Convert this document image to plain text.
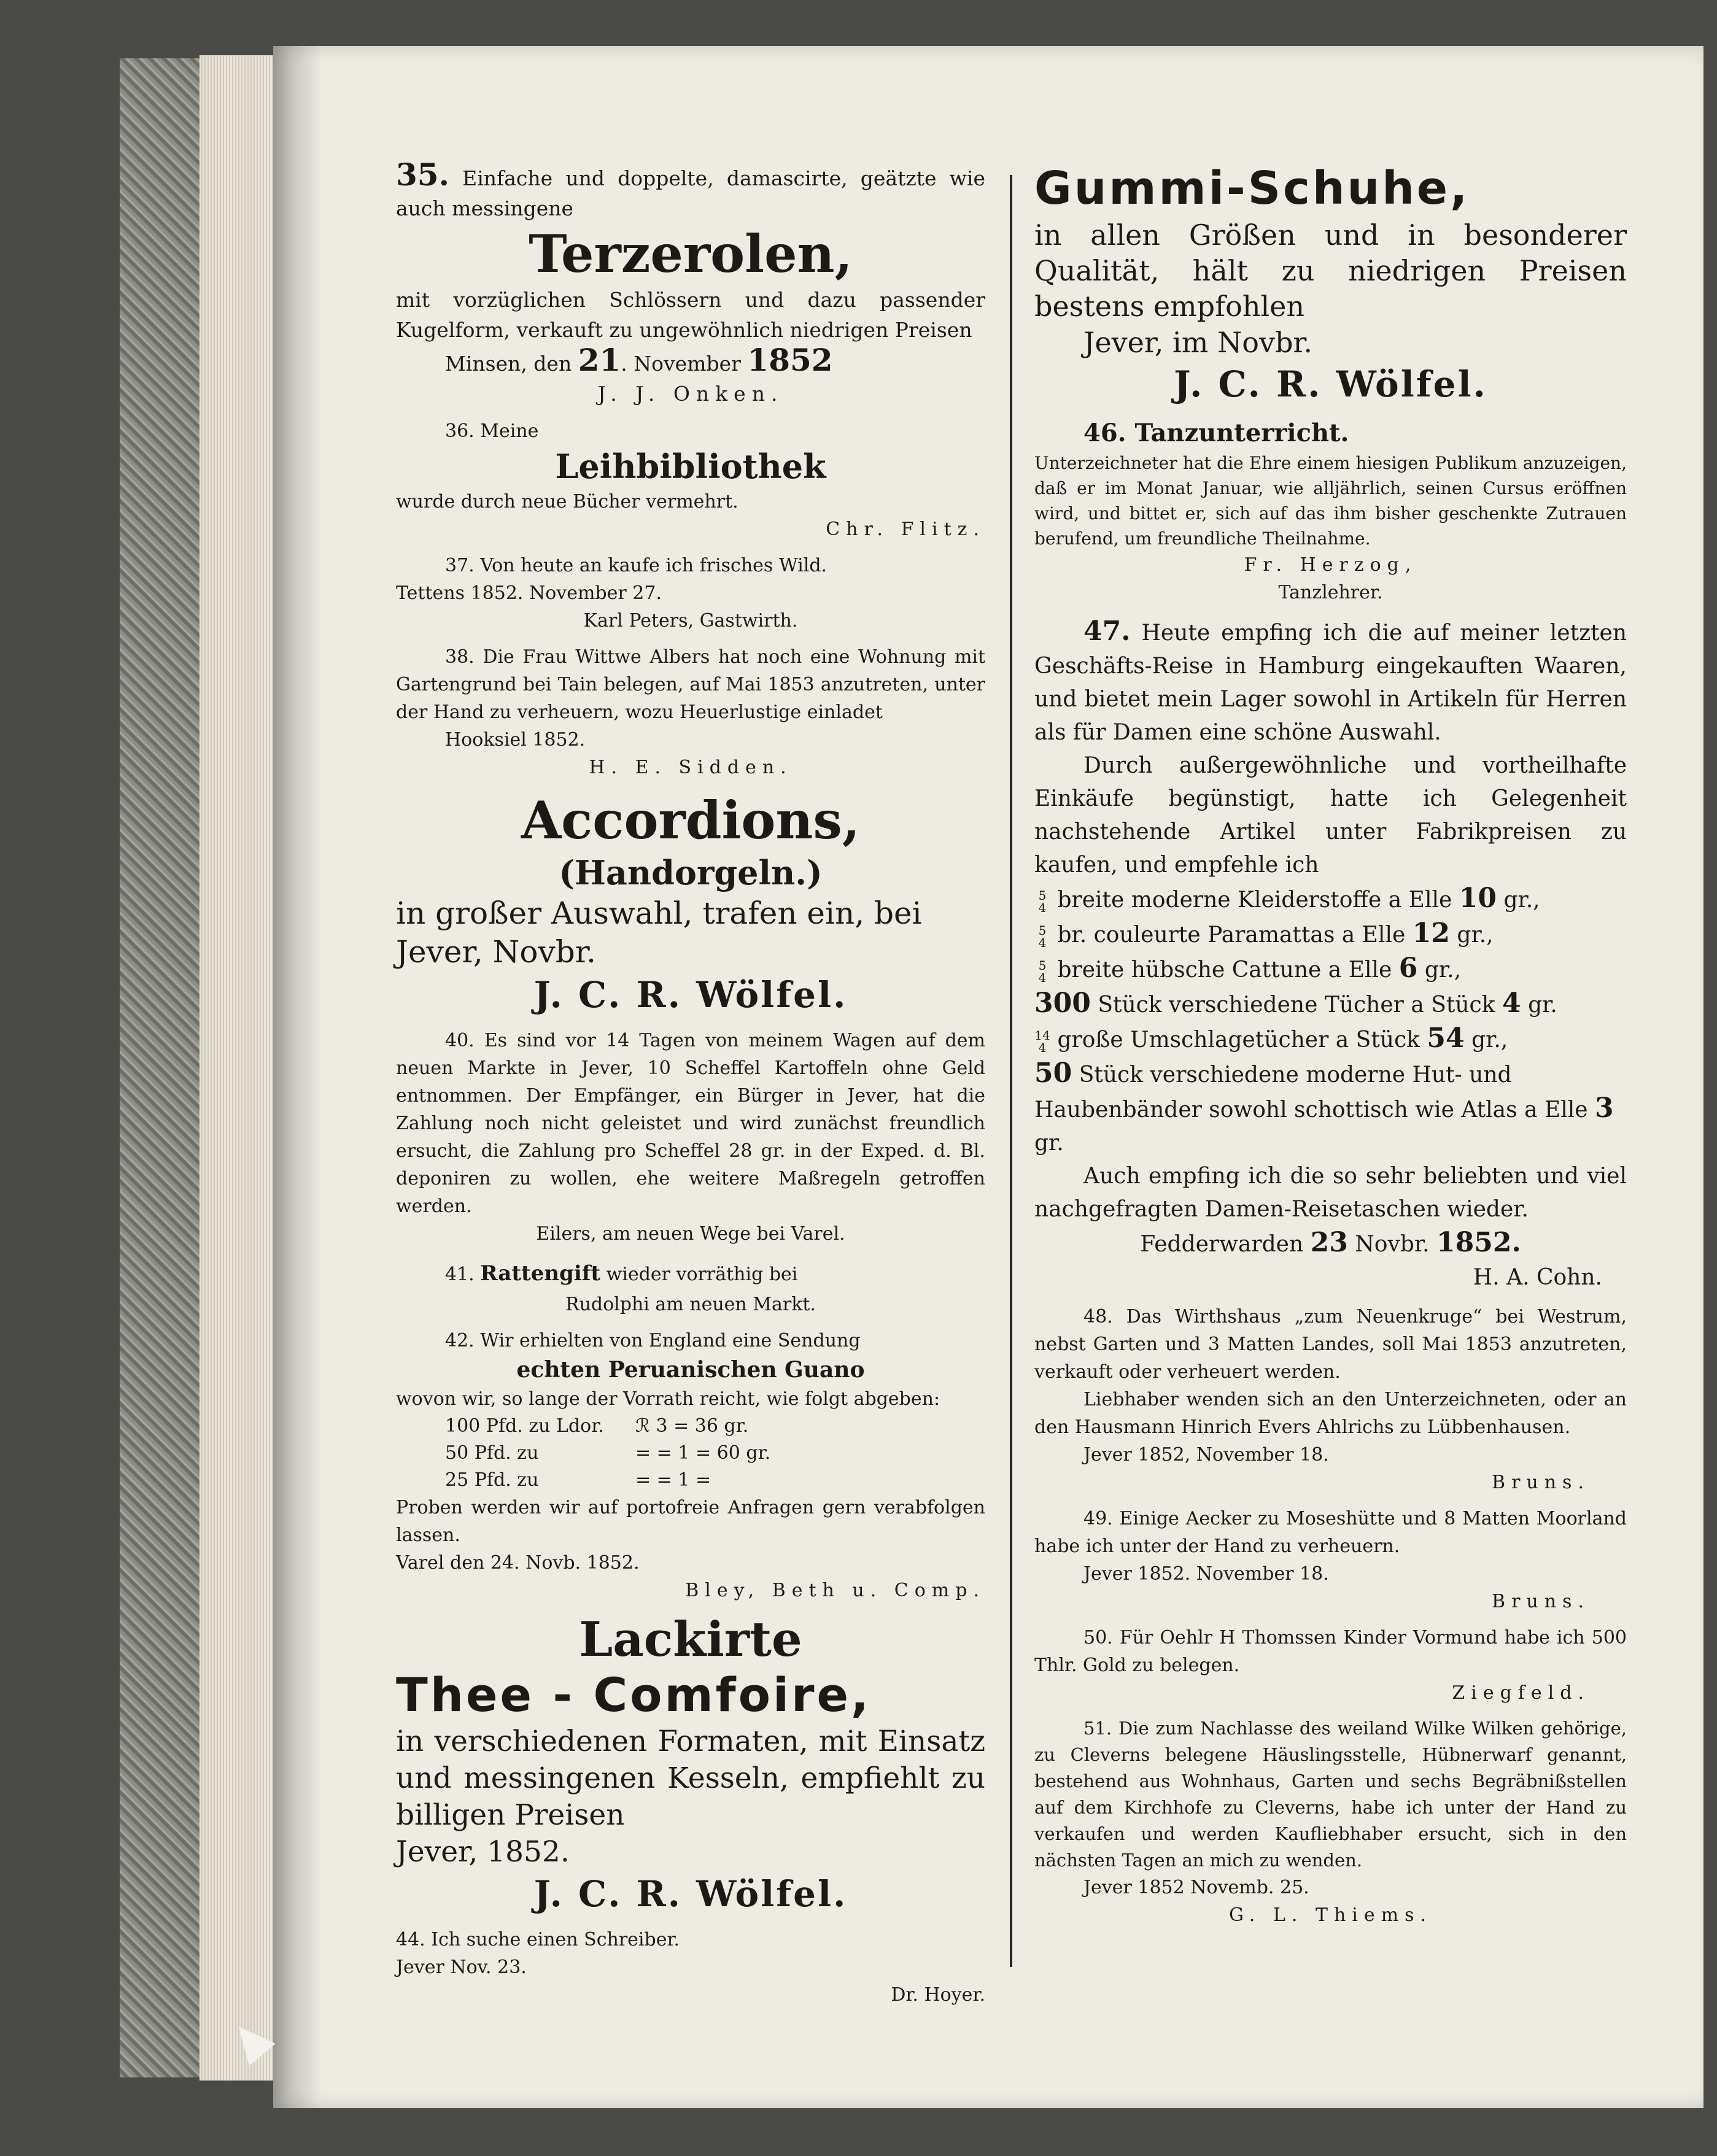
35. Einfache und doppelte, damascirte, geätzte wie auch messingene

Terzerolen,

mit vorzüglichen Schlössern und dazu passender Kugelform, verkauft zu ungewöhnlich niedrigen Preisen

Minsen, den 21. November 1852

J. J. Onken.

36. Meine

Leihbibliothek

wurde durch neue Bücher vermehrt.

Chr. Flitz.

37. Von heute an kaufe ich frisches Wild.

Tettens 1852. November 27.

Karl Peters, Gastwirth.

38. Die Frau Wittwe Albers hat noch eine Wohnung mit Gartengrund bei Tain belegen, auf Mai 1853 anzutreten, unter der Hand zu verheuern, wozu Heuerlustige einladet

Hooksiel 1852.

H. E. Sidden.

Accordions,

(Handorgeln.)

in großer Auswahl, trafen ein, bei

Jever, Novbr.

J. C. R. Wölfel.

40. Es sind vor 14 Tagen von meinem Wagen auf dem neuen Markte in Jever, 10 Scheffel Kartoffeln ohne Geld entnommen. Der Empfänger, ein Bürger in Jever, hat die Zahlung noch nicht geleistet und wird zunächst freundlich ersucht, die Zahlung pro Scheffel 28 gr. in der Exped. d. Bl. deponiren zu wollen, ehe weitere Maßregeln getroffen werden.

Eilers, am neuen Wege bei Varel.

41. Rattengift wieder vorräthig bei

Rudolphi am neuen Markt.

42. Wir erhielten von England eine Sendung

echten Peruanischen Guano

wovon wir, so lange der Vorrath reicht, wie folgt abgeben:

100 Pfd. zu Ldor.	ℛ 3 = 36 gr.
50 Pfd. zu	= = 1 = 60 gr.
25 Pfd. zu	= = 1 =

Proben werden wir auf portofreie Anfragen gern verabfolgen lassen.

Varel den 24. Novb. 1852.

Bley, Beth u. Comp.

Lackirte

Thee - Comfoire,

in verschiedenen Formaten, mit Einsatz und messingenen Kesseln, empfiehlt zu billigen Preisen

Jever, 1852.

J. C. R. Wölfel.

44. Ich suche einen Schreiber.

Jever Nov. 23.

Dr. Hoyer.

Gummi-Schuhe,

in allen Größen und in besonderer Qualität, hält zu niedrigen Preisen bestens empfohlen

Jever, im Novbr.

J. C. R. Wölfel.

46. Tanzunterricht.

Unterzeichneter hat die Ehre einem hiesigen Publikum anzuzeigen, daß er im Monat Januar, wie alljährlich, seinen Cursus eröffnen wird, und bittet er, sich auf das ihm bisher geschenkte Zutrauen berufend, um freundliche Theilnahme.

Fr. Herzog,

Tanzlehrer.

47. Heute empfing ich die auf meiner letzten Geschäfts-Reise in Hamburg eingekauften Waaren, und bietet mein Lager sowohl in Artikeln für Herren als für Damen eine schöne Auswahl.

Durch außergewöhnliche und vortheilhafte Einkäufe begünstigt, hatte ich Gelegenheit nachstehende Artikel unter Fabrikpreisen zu kaufen, und empfehle ich

5
4 breite moderne Kleiderstoffe a Elle 10 gr.,

5
4 br. couleurte Paramattas a Elle 12 gr.,

5
4 breite hübsche Cattune a Elle 6 gr.,

300 Stück verschiedene Tücher a Stück 4 gr.

14
4 große Umschlagetücher a Stück 54 gr.,

50 Stück verschiedene moderne Hut- und Haubenbänder sowohl schottisch wie Atlas a Elle 3 gr.

Auch empfing ich die so sehr beliebten und viel nachgefragten Damen-Reisetaschen wieder.

Fedderwarden 23 Novbr. 1852.

H. A. Cohn.

48. Das Wirthshaus „zum Neuenkruge“ bei Westrum, nebst Garten und 3 Matten Landes, soll Mai 1853 anzutreten, verkauft oder verheuert werden.

Liebhaber wenden sich an den Unterzeichneten, oder an den Hausmann Hinrich Evers Ahlrichs zu Lübbenhausen.

Jever 1852, November 18.

Bruns.

49. Einige Aecker zu Moseshütte und 8 Matten Moorland habe ich unter der Hand zu verheuern.

Jever 1852. November 18.

Bruns.

50. Für Oehlr H Thomssen Kinder Vormund habe ich 500 Thlr. Gold zu belegen.

Ziegfeld.

51. Die zum Nachlasse des weiland Wilke Wilken gehörige, zu Cleverns belegene Häuslingsstelle, Hübnerwarf genannt, bestehend aus Wohnhaus, Garten und sechs Begräbnißstellen auf dem Kirchhofe zu Cleverns, habe ich unter der Hand zu verkaufen und werden Kaufliebhaber ersucht, sich in den nächsten Tagen an mich zu wenden.

Jever 1852 Novemb. 25.

G. L. Thiems.
